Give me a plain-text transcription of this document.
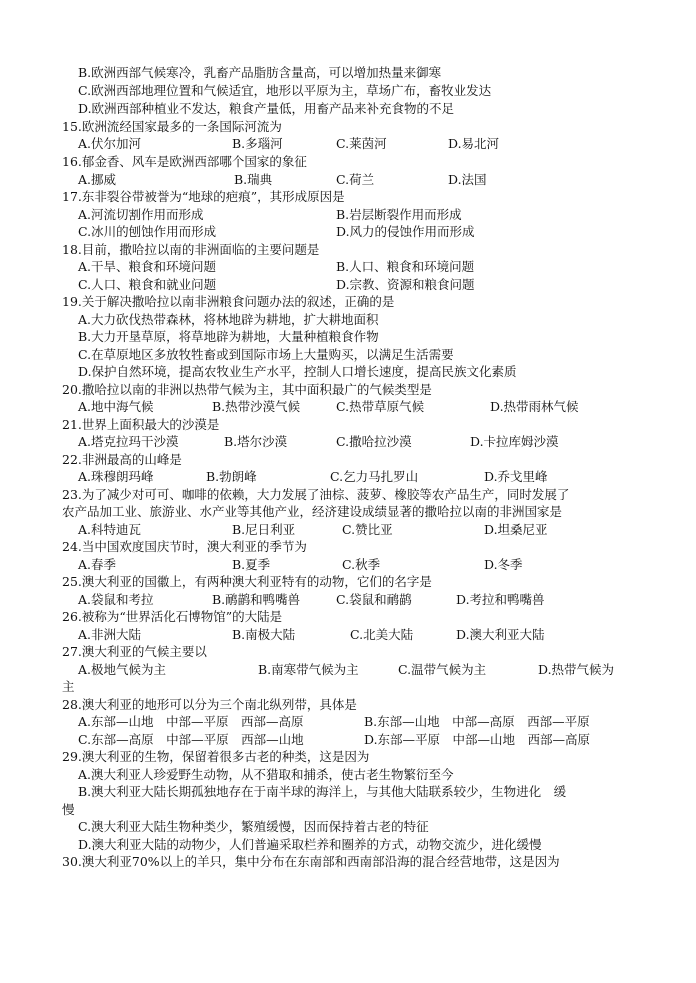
B.欧洲西部气候寒冷，乳畜产品脂肪含量高，可以增加热量来御寒
C.欧洲西部地理位置和气候适宜，地形以平原为主，草场广布，畜牧业发达
D.欧洲西部种植业不发达，粮食产量低，用畜产品来补充食物的不足
15.欧洲流经国家最多的一条国际河流为
A.伏尔加河	B.多瑙河	C.莱茵河	D.易北河
16.郁金香、风车是欧洲西部哪个国家的象征
A.挪威	B.瑞典	C.荷兰	D.法国
17.东非裂谷带被誉为“地球的疤痕”，其形成原因是
A.河流切割作用而形成	B.岩层断裂作用而形成
C.冰川的刨蚀作用而形成	D.风力的侵蚀作用而形成
18.目前，撒哈拉以南的非洲面临的主要问题是
A.干旱、粮食和环境问题	B.人口、粮食和环境问题
C.人口、粮食和就业问题	D.宗教、资源和粮食问题
19.关于解决撒哈拉以南非洲粮食问题办法的叙述，正确的是
A.大力砍伐热带森林，将林地辟为耕地，扩大耕地面积
B.大力开垦草原，将草地辟为耕地，大量种植粮食作物
C.在草原地区多放牧牲畜或到国际市场上大量购买，以满足生活需要
D.保护自然环境，提高农牧业生产水平，控制人口增长速度，提高民族文化素质
20.撒哈拉以南的非洲以热带气候为主，其中面积最广的气候类型是
A.地中海气候	B.热带沙漠气候	C.热带草原气候	D.热带雨林气候
21.世界上面积最大的沙漠是
A.塔克拉玛干沙漠	B.塔尔沙漠	C.撒哈拉沙漠	D.卡拉库姆沙漠
22.非洲最高的山峰是
A.珠穆朗玛峰	B.勃朗峰	C.乞力马扎罗山	D.乔戈里峰
23.为了减少对可可、咖啡的依赖，大力发展了油棕、菠萝、橡胶等农产品生产，同时发展了
农产品加工业、旅游业、水产业等其他产业，经济建设成绩显著的撒哈拉以南的非洲国家是
A.科特迪瓦	B.尼日利亚	C.赞比亚	D.坦桑尼亚
24.当中国欢度国庆节时，澳大利亚的季节为
A.春季	B.夏季	C.秋季	D.冬季
25.澳大利亚的国徽上，有两种澳大利亚特有的动物，它们的名字是
A.袋鼠和考拉	B.鸸鹋和鸭嘴兽	C.袋鼠和鸸鹋	D.考拉和鸭嘴兽
26.被称为“世界活化石博物馆”的大陆是
A.非洲大陆	B.南极大陆	C.北美大陆	D.澳大利亚大陆
27.澳大利亚的气候主要以
A.极地气候为主	B.南寒带气候为主	C.温带气候为主	D.热带气候为
主
28.澳大利亚的地形可以分为三个南北纵列带，具体是
A.东部—山地　中部—平原　西部—高原	B.东部—山地　中部—高原　西部—平原
C.东部—高原　中部—平原　西部—山地	D.东部—平原　中部—山地　西部—高原
29.澳大利亚的生物，保留着很多古老的种类，这是因为
A.澳大利亚人珍爱野生动物，从不猎取和捕杀，使古老生物繁衍至今
B.澳大利亚大陆长期孤独地存在于南半球的海洋上，与其他大陆联系较少，生物进化　缓
慢
C.澳大利亚大陆生物种类少，繁殖缓慢，因而保持着古老的特征
D.澳大利亚大陆的动物少，人们普遍采取栏养和圈养的方式，动物交流少，进化缓慢
30.澳大利亚70%以上的羊只，集中分布在东南部和西南部沿海的混合经营地带，这是因为
